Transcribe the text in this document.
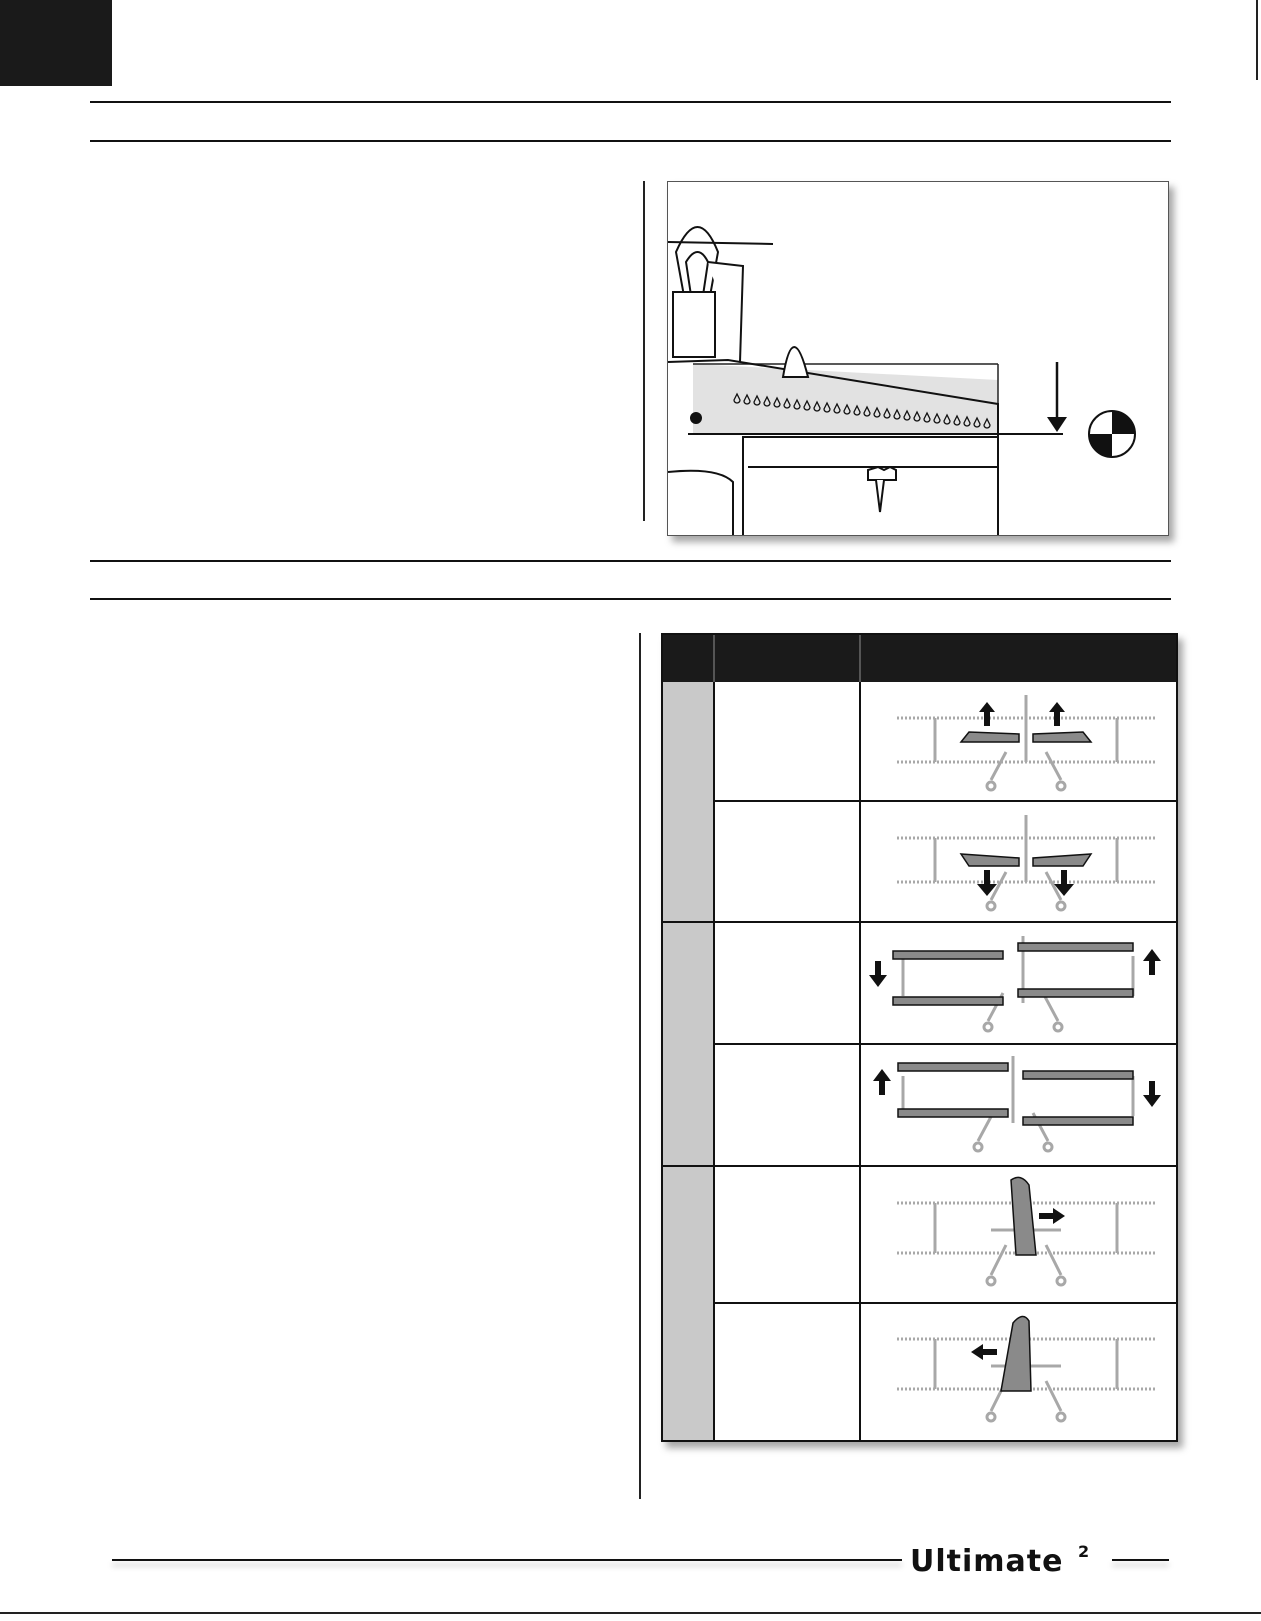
Ultimate 2
